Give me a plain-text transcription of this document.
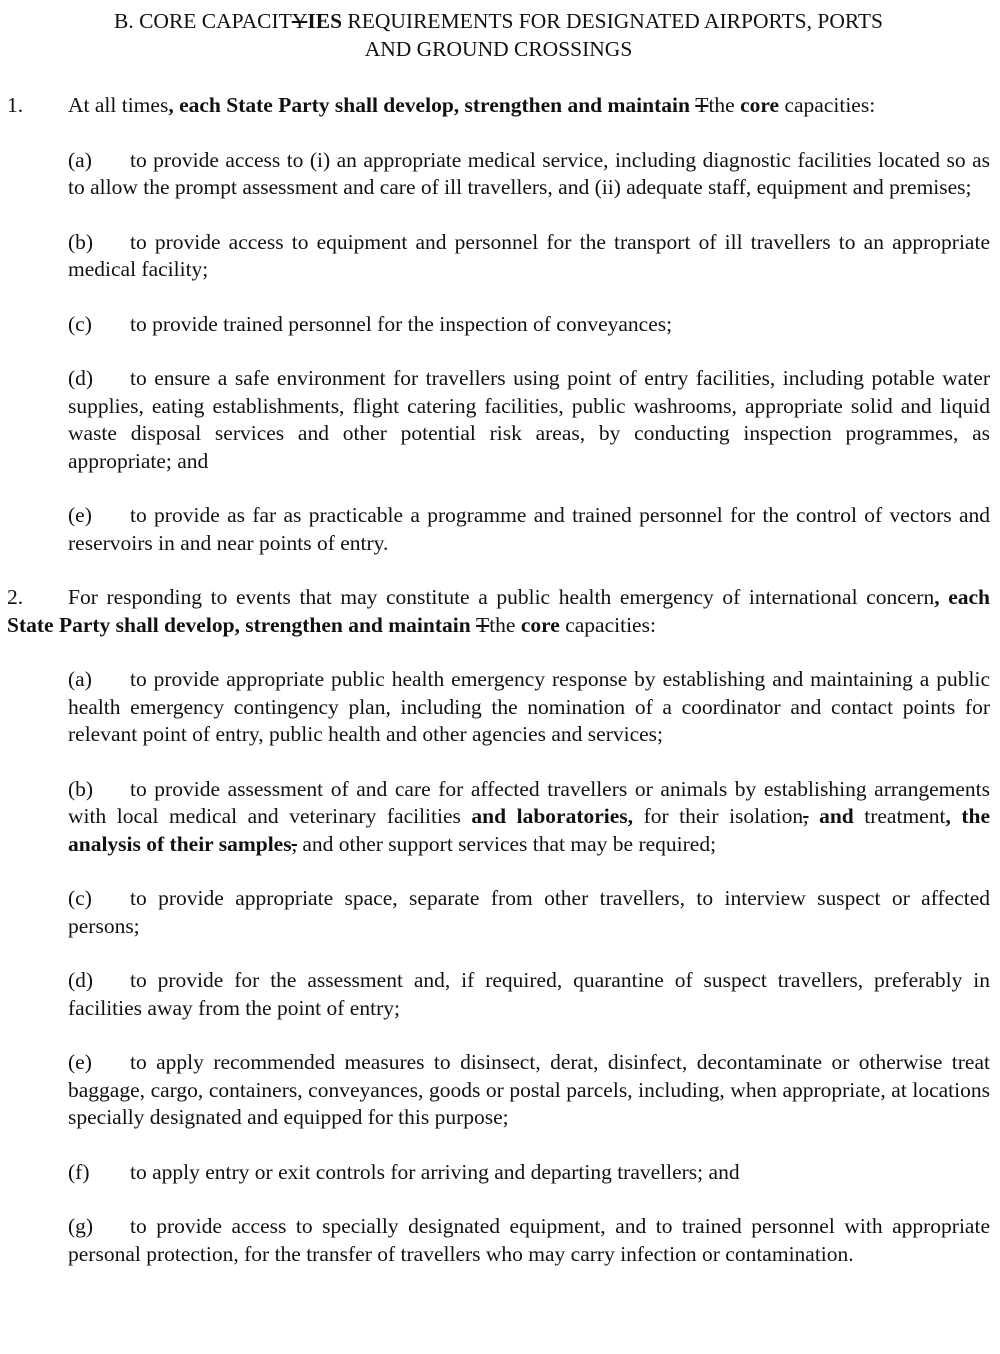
B. CORE CAPACITYIES REQUIREMENTS FOR DESIGNATED AIRPORTS, PORTS
AND GROUND CROSSINGS

1. At all times, each State Party shall develop, strengthen and maintain Tthe core capacities:

(a) to provide access to (i) an appropriate medical service, including diagnostic facilities located so as to allow the prompt assessment and care of ill travellers, and (ii) adequate staff, equipment and premises;

(b) to provide access to equipment and personnel for the transport of ill travellers to an appropriate medical facility;

(c) to provide trained personnel for the inspection of conveyances;

(d) to ensure a safe environment for travellers using point of entry facilities, including potable water supplies, eating establishments, flight catering facilities, public washrooms, appropriate solid and liquid waste disposal services and other potential risk areas, by conducting inspection programmes, as appropriate; and

(e) to provide as far as practicable a programme and trained personnel for the control of vectors and reservoirs in and near points of entry.

2. For responding to events that may constitute a public health emergency of international concern, each State Party shall develop, strengthen and maintain Tthe core capacities:

(a) to provide appropriate public health emergency response by establishing and maintaining a public health emergency contingency plan, including the nomination of a coordinator and contact points for relevant point of entry, public health and other agencies and services;

(b) to provide assessment of and care for affected travellers or animals by establishing arrangements with local medical and veterinary facilities and laboratories, for their isolation, and treatment, the analysis of their samples, and other support services that may be required;

(c) to provide appropriate space, separate from other travellers, to interview suspect or affected persons;

(d) to provide for the assessment and, if required, quarantine of suspect travellers, preferably in facilities away from the point of entry;

(e) to apply recommended measures to disinsect, derat, disinfect, decontaminate or otherwise treat baggage, cargo, containers, conveyances, goods or postal parcels, including, when appropriate, at locations specially designated and equipped for this purpose;

(f) to apply entry or exit controls for arriving and departing travellers; and

(g) to provide access to specially designated equipment, and to trained personnel with appropriate personal protection, for the transfer of travellers who may carry infection or contamination.
